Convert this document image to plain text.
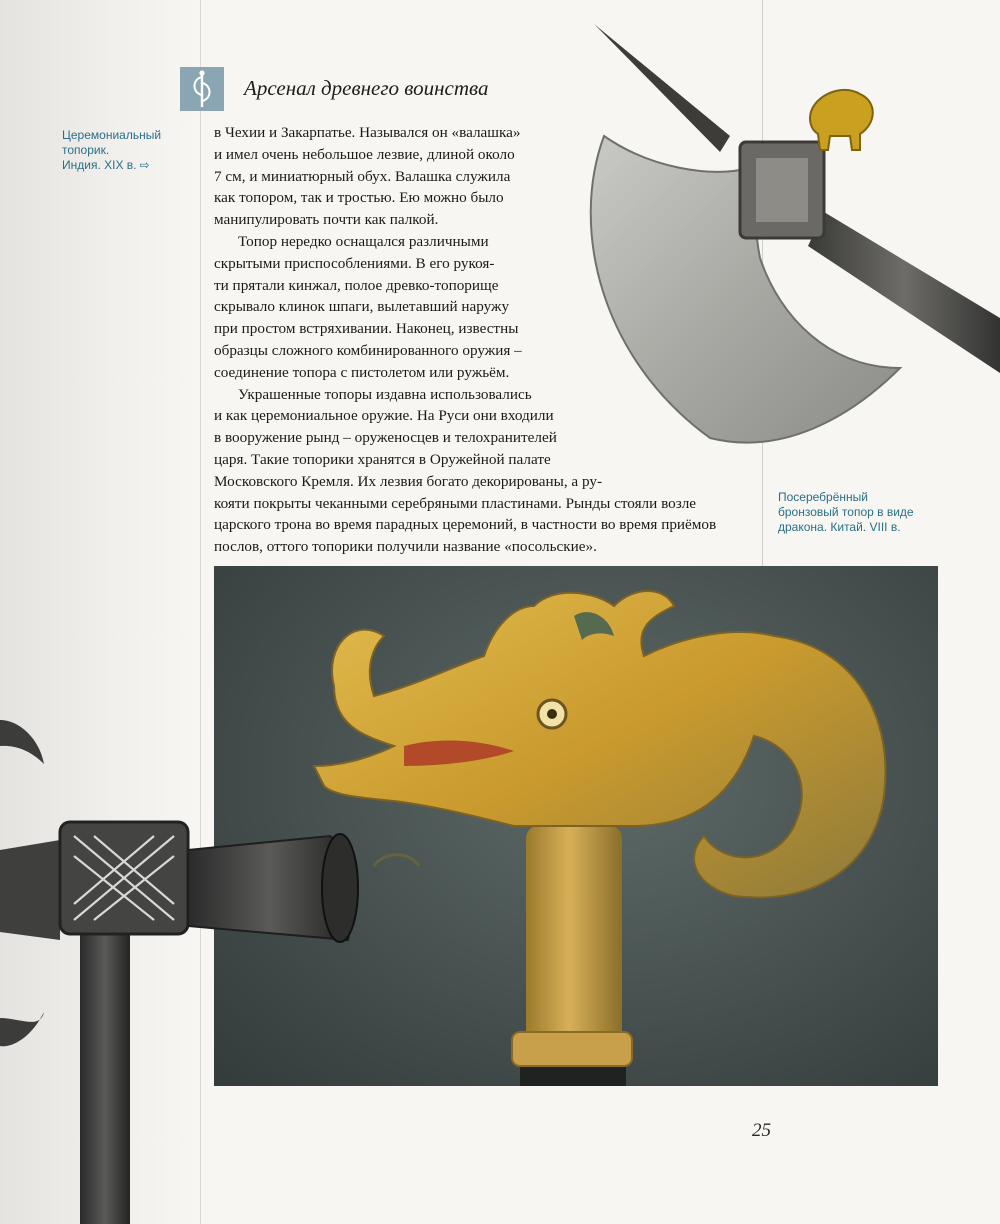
Арсенал древнего воинства
Церемониальный
топорик.
Индия. XIX в. ⇨
Посеребрённый
бронзовый топор в виде
дракона. Китай. VIII в.
в Чехии и Закарпатье. Назывался он «валашка»
и имел очень небольшое лезвие, длиной около
7 см, и миниатюрный обух. Валашка служила
как топором, так и тростью. Ею можно было
манипулировать почти как палкой.
Топор нередко оснащался различными
скрытыми приспособлениями. В его рукоя-
ти прятали кинжал, полое древко-топорище
скрывало клинок шпаги, вылетавший наружу
при простом встряхивании. Наконец, известны
образцы сложного комбинированного оружия –
соединение топора с пистолетом или ружьём.
Украшенные топоры издавна использовались
и как церемониальное оружие. На Руси они входили
в вооружение рынд – оруженосцев и телохранителей
царя. Такие топорики хранятся в Оружейной палате
Московского Кремля. Их лезвия богато декорированы, а ру-
кояти покрыты чеканными серебряными пластинами. Рынды стояли возле
царского трона во время парадных церемоний, в частности во время приёмов
послов, оттого топорики получили название «посольские».
25
